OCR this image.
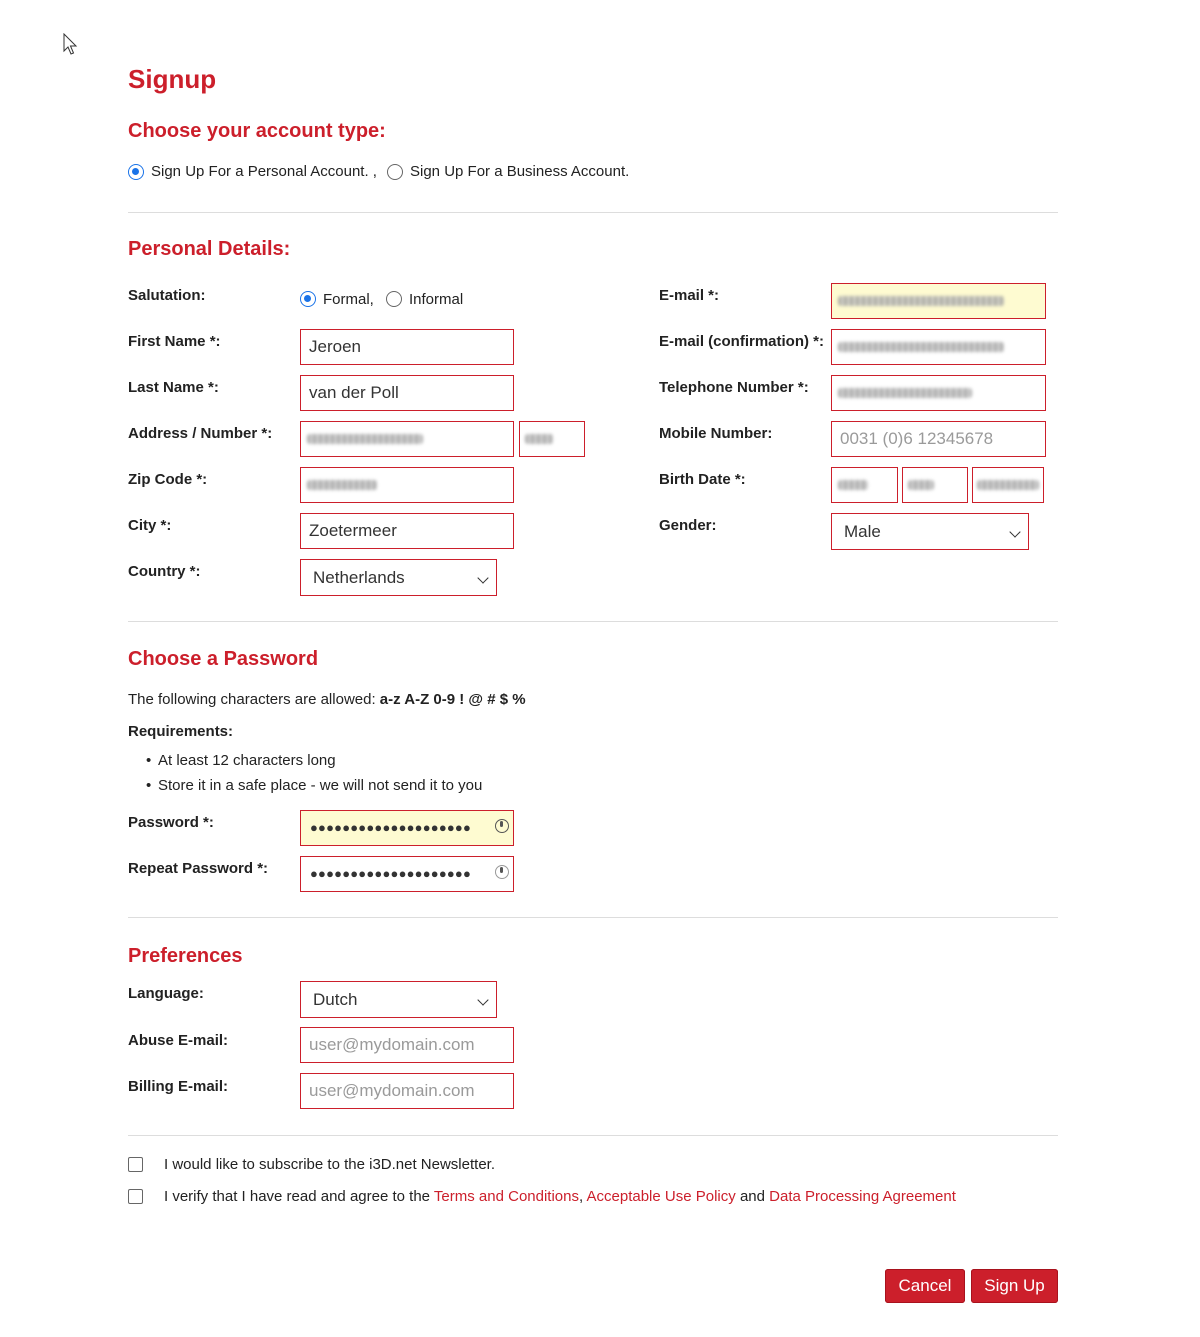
Signup
Choose your account type:
Sign Up For a Personal Account. , Sign Up For a Business Account.
Personal Details:
Salutation:	Formal, Informal
First Name *:	Jeroen
Last Name *:	van der Poll
Address / Number *:
Zip Code *:
City *:	Zoetermeer
Country *:	Netherlands
E-mail *:
E-mail (confirmation) *:
Telephone Number *:
Mobile Number:	0031 (0)6 12345678
Birth Date *:
Gender:	Male
Choose a Password
The following characters are allowed: a-z A-Z 0-9 ! @ # $ %
Requirements:
• At least 12 characters long
• Store it in a safe place - we will not send it to you
Password *:	●●●●●●●●●●●●●●●●●●●●
Repeat Password *:	●●●●●●●●●●●●●●●●●●●●
Preferences
Language:	Dutch
Abuse E-mail:	user@mydomain.com
Billing E-mail:	user@mydomain.com
I would like to subscribe to the i3D.net Newsletter.
I verify that I have read and agree to the Terms and Conditions, Acceptable Use Policy and Data Processing Agreement
Cancel	Sign Up
